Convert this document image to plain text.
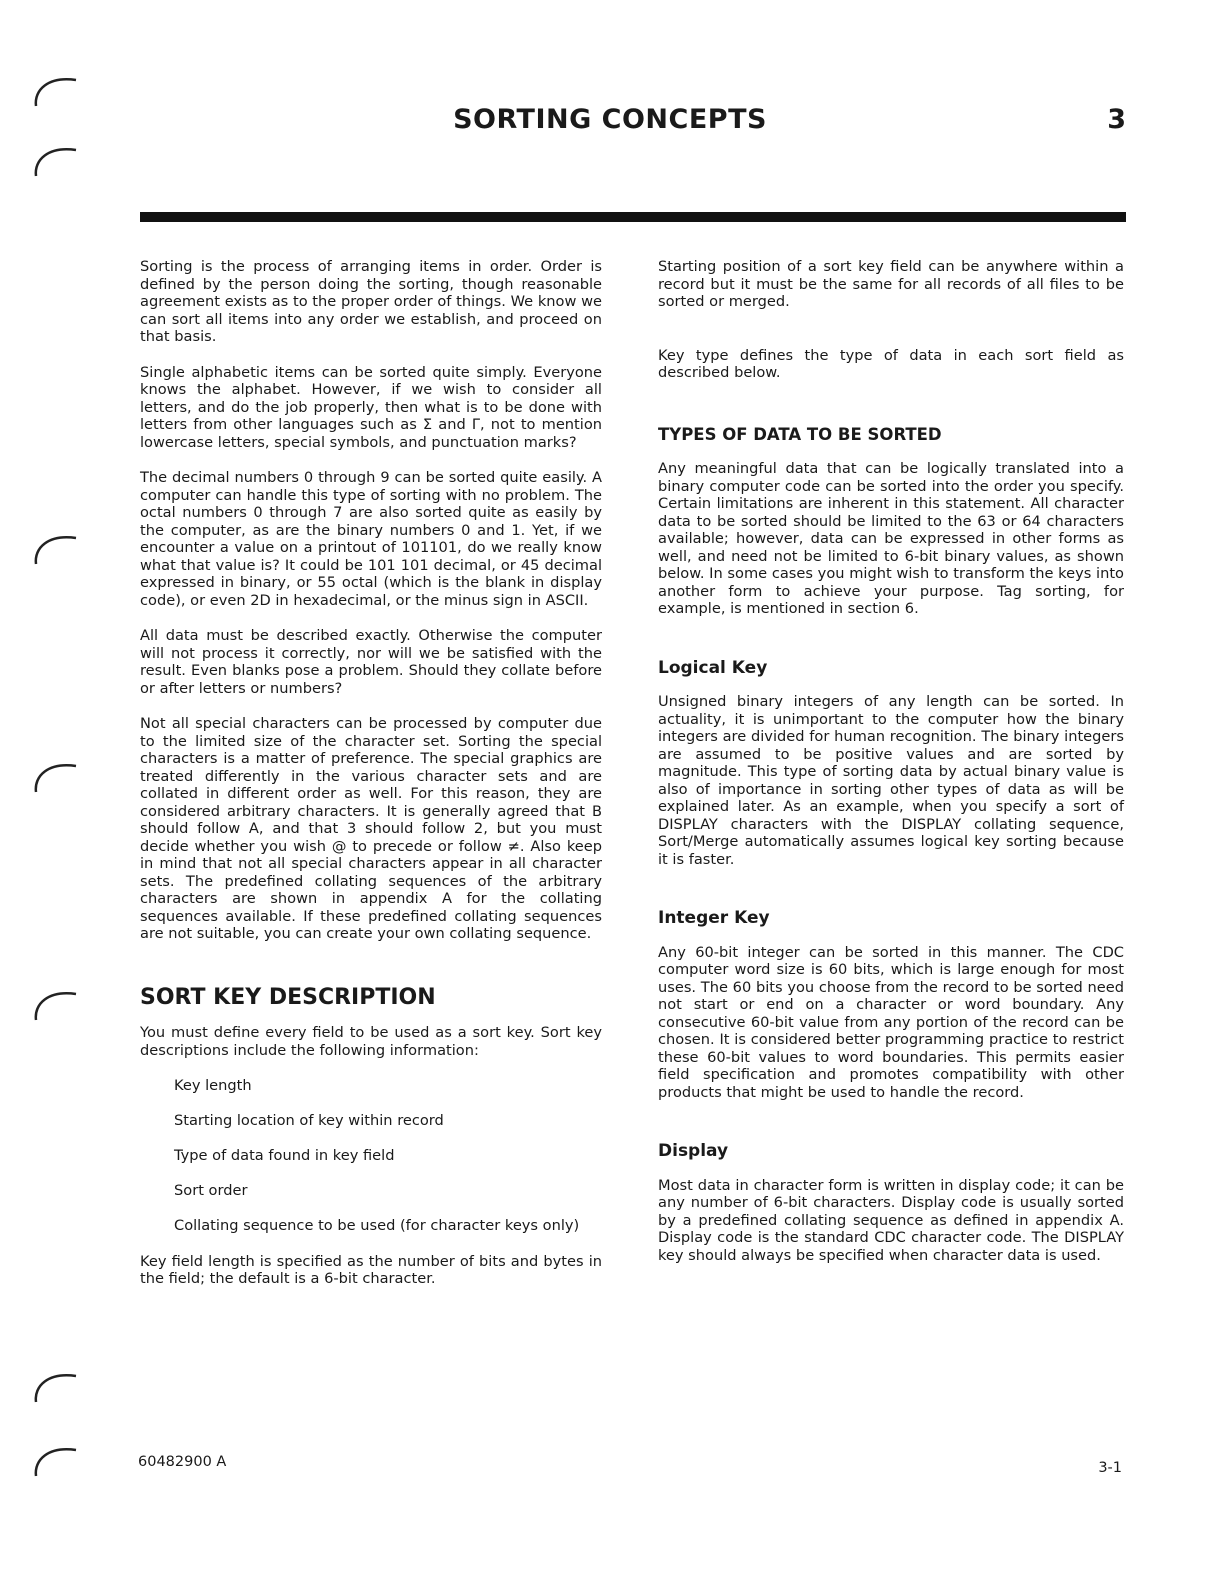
SORTING CONCEPTS	3

Sorting is the process of arranging items in order. Order is defined by the person doing the sorting, though reasonable agreement exists as to the proper order of things. We know we can sort all items into any order we establish, and proceed on that basis.

Single alphabetic items can be sorted quite simply. Everyone knows the alphabet. However, if we wish to consider all letters, and do the job properly, then what is to be done with letters from other languages such as Σ and Γ, not to mention lowercase letters, special symbols, and punctuation marks?

The decimal numbers 0 through 9 can be sorted quite easily. A computer can handle this type of sorting with no problem. The octal numbers 0 through 7 are also sorted quite as easily by the computer, as are the binary numbers 0 and 1. Yet, if we encounter a value on a printout of 101101, do we really know what that value is? It could be 101 101 decimal, or 45 decimal expressed in binary, or 55 octal (which is the blank in display code), or even 2D in hexadecimal, or the minus sign in ASCII.

All data must be described exactly. Otherwise the computer will not process it correctly, nor will we be satisfied with the result. Even blanks pose a problem. Should they collate before or after letters or numbers?

Not all special characters can be processed by computer due to the limited size of the character set. Sorting the special characters is a matter of preference. The special graphics are treated differently in the various character sets and are collated in different order as well. For this reason, they are considered arbitrary characters. It is generally agreed that B should follow A, and that 3 should follow 2, but you must decide whether you wish @ to precede or follow ≠. Also keep in mind that not all special characters appear in all character sets. The predefined collating sequences of the arbitrary characters are shown in appendix A for the collating sequences available. If these predefined collating sequences are not suitable, you can create your own collating sequence.

SORT KEY DESCRIPTION

You must define every field to be used as a sort key. Sort key descriptions include the following information:

Key length
Starting location of key within record
Type of data found in key field
Sort order
Collating sequence to be used (for character keys only)

Key field length is specified as the number of bits and bytes in the field; the default is a 6-bit character.

Starting position of a sort key field can be anywhere within a record but it must be the same for all records of all files to be sorted or merged.

Key type defines the type of data in each sort field as described below.

TYPES OF DATA TO BE SORTED

Any meaningful data that can be logically translated into a binary computer code can be sorted into the order you specify. Certain limitations are inherent in this statement. All character data to be sorted should be limited to the 63 or 64 characters available; however, data can be expressed in other forms as well, and need not be limited to 6-bit binary values, as shown below. In some cases you might wish to transform the keys into another form to achieve your purpose. Tag sorting, for example, is mentioned in section 6.

Logical Key

Unsigned binary integers of any length can be sorted. In actuality, it is unimportant to the computer how the binary integers are divided for human recognition. The binary integers are assumed to be positive values and are sorted by magnitude. This type of sorting data by actual binary value is also of importance in sorting other types of data as will be explained later. As an example, when you specify a sort of DISPLAY characters with the DISPLAY collating sequence, Sort/Merge automatically assumes logical key sorting because it is faster.

Integer Key

Any 60-bit integer can be sorted in this manner. The CDC computer word size is 60 bits, which is large enough for most uses. The 60 bits you choose from the record to be sorted need not start or end on a character or word boundary. Any consecutive 60-bit value from any portion of the record can be chosen. It is considered better programming practice to restrict these 60-bit values to word boundaries. This permits easier field specification and promotes compatibility with other products that might be used to handle the record.

Display

Most data in character form is written in display code; it can be any number of 6-bit characters. Display code is usually sorted by a predefined collating sequence as defined in appendix A. Display code is the standard CDC character code. The DISPLAY key should always be specified when character data is used.

60482900 A	3-1
